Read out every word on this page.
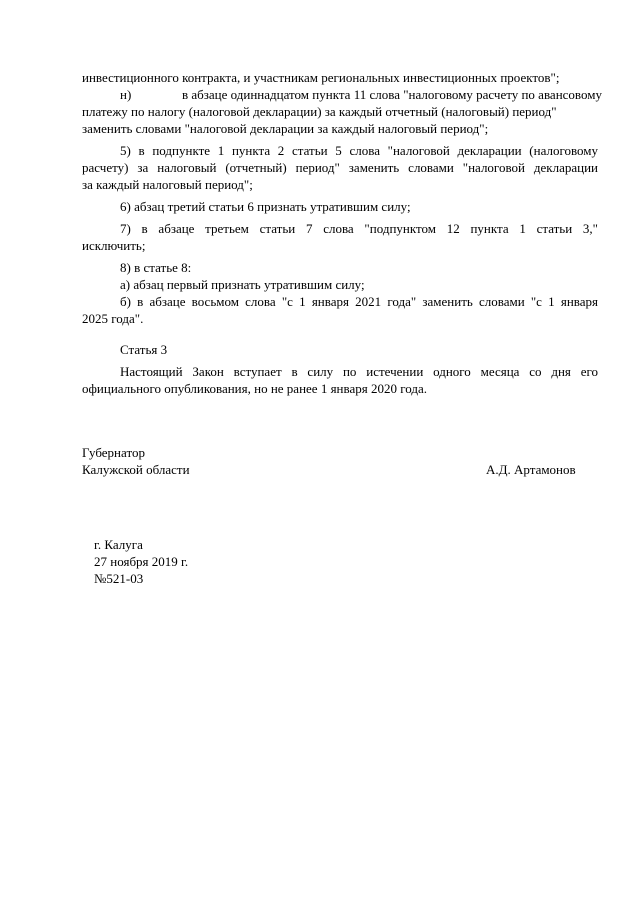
инвестиционного контракта, и участникам региональных инвестиционных проектов";
н)	в абзаце одиннадцатом пункта 11 слова "налоговому расчету по авансовому
платежу по налогу (налоговой декларации) за каждый отчетный (налоговый) период"
заменить словами "налоговой декларации за каждый налоговый период";
5) в подпункте 1 пункта 2 статьи 5 слова "налоговой декларации (налоговому
расчету) за налоговый (отчетный) период" заменить словами "налоговой декларации
за каждый налоговый период";
6) абзац третий статьи 6 признать утратившим силу;
7) в абзаце третьем статьи 7 слова "подпунктом 12 пункта 1 статьи 3,"
исключить;
8) в статье 8:
а) абзац первый признать утратившим силу;
б) в абзаце восьмом слова "с 1 января 2021 года" заменить словами "с 1 января
2025 года".
Статья 3
Настоящий Закон вступает в силу по истечении одного месяца со дня его
официального опубликования, но не ранее 1 января 2020 года.
Губернатор
Калужской области	А.Д. Артамонов
г. Калуга
27 ноября 2019 г.
№521-03
